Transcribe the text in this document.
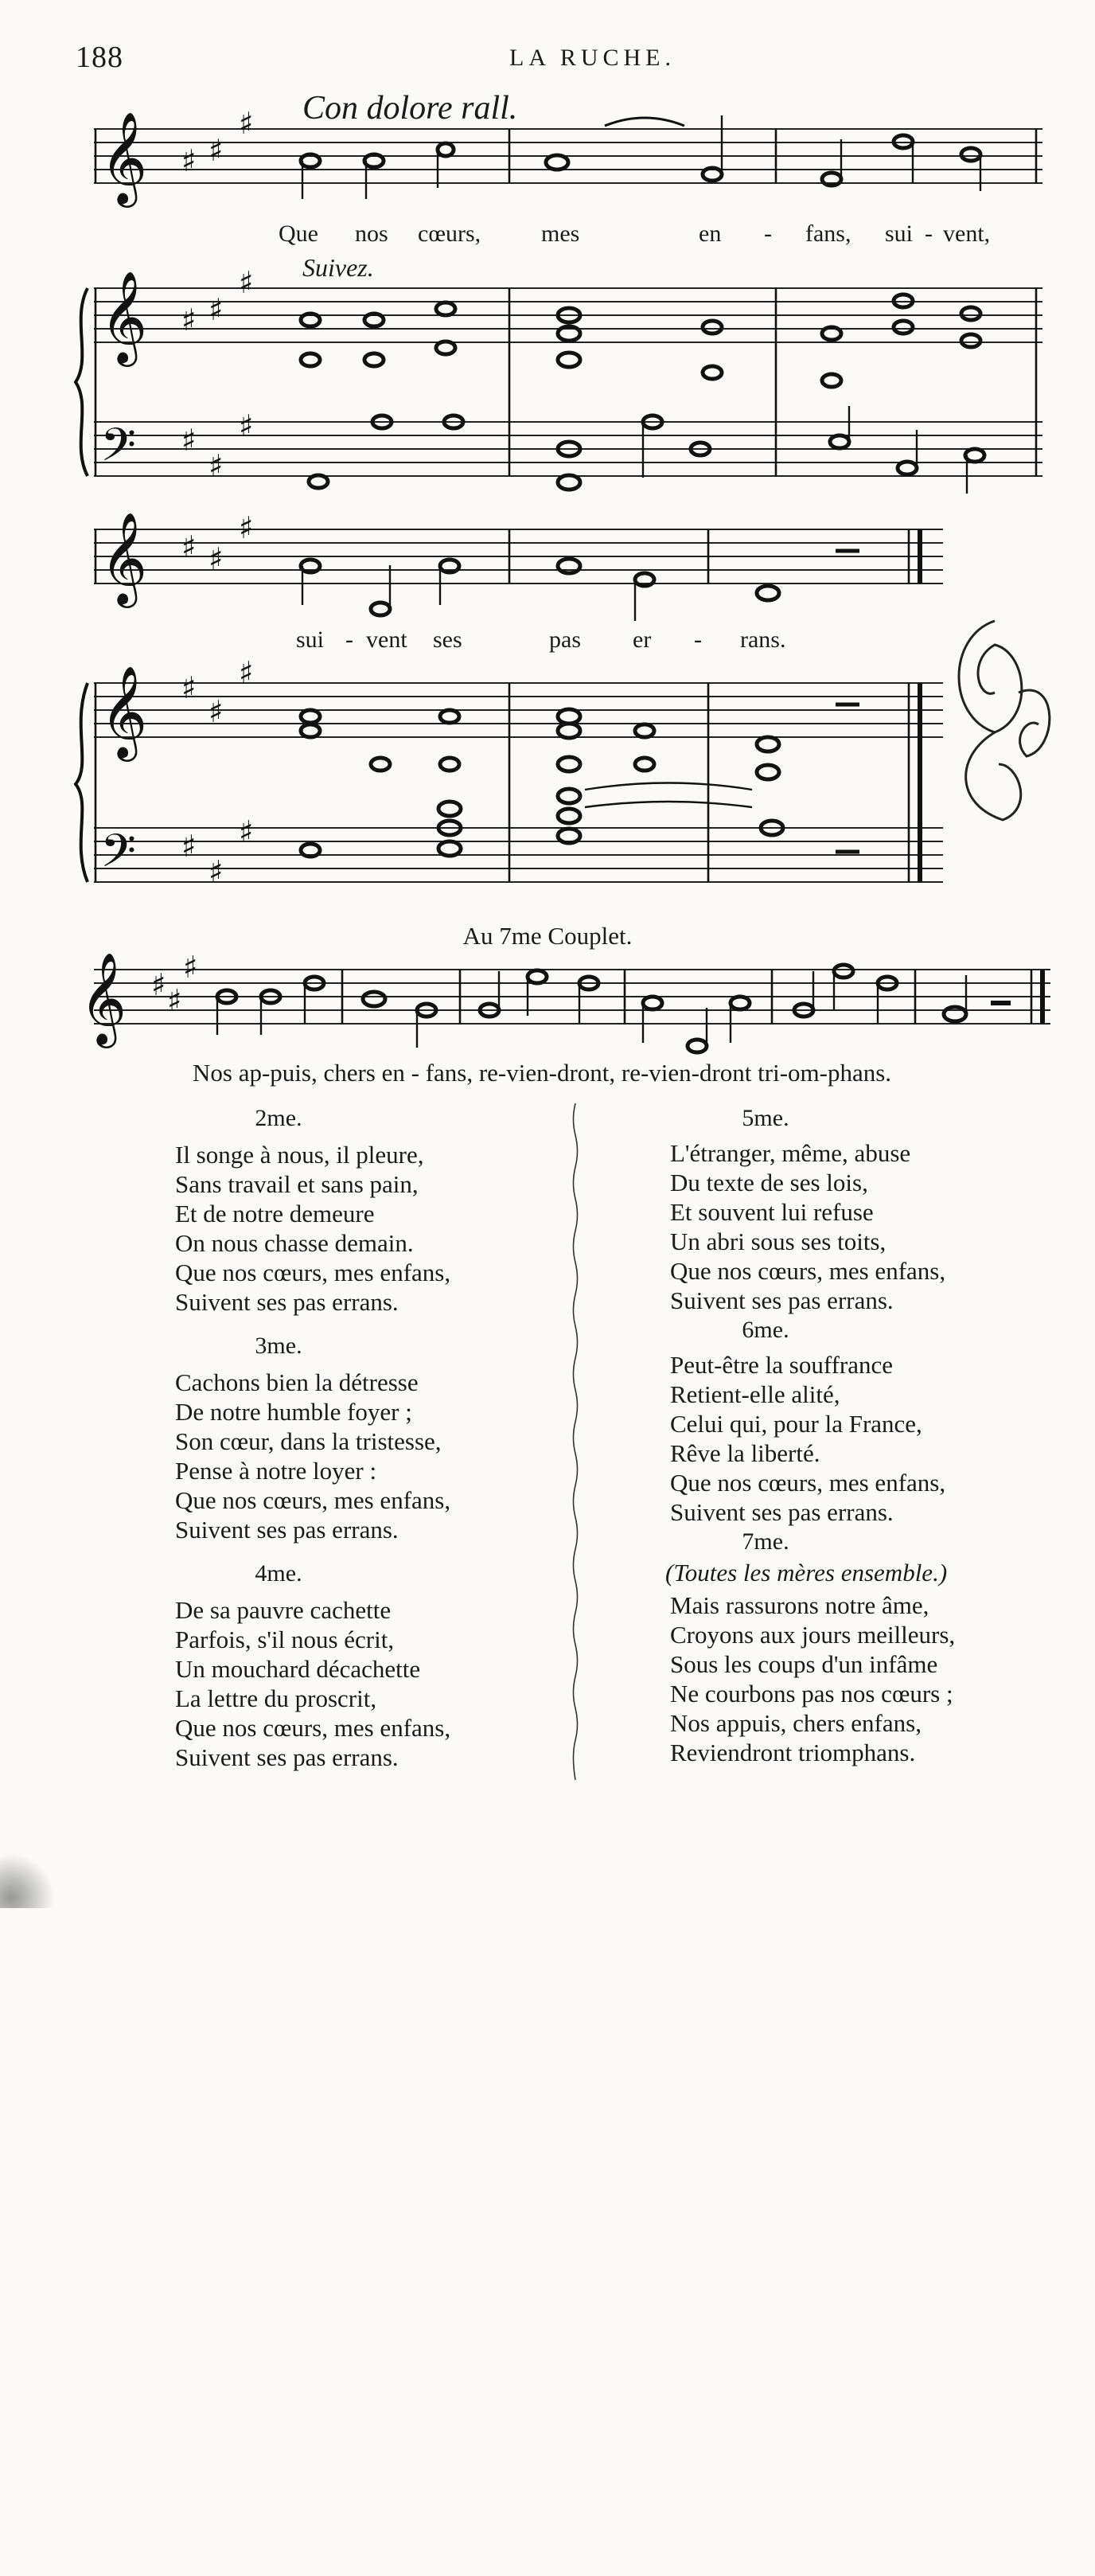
188	LA RUCHE.
𝄞
𝄞
𝄢
♯ ♯
♯
♯ ♯
♯
♯
♯
♯
𝄞
𝄞
𝄢
♯ ♯
♯
♯
♯
♯
♯
♯
♯
𝄞 ♯ ♯
♯
Con dolore rall.
Suivez.
Que nos cœurs,	mes	en - fans, sui - vent,
sui - vent ses	pas er - rans.
Au 7me Couplet.
Nos ap-puis, chers en - fans, re-vien-dront, re-vien-dront tri-om-phans.
2me.
Il songe à nous, il pleure,
Sans travail et sans pain,
Et de notre demeure
On nous chasse demain.
Que nos cœurs, mes enfans,
Suivent ses pas errans.
3me.
Cachons bien la détresse
De notre humble foyer ;
Son cœur, dans la tristesse,
Pense à notre loyer :
Que nos cœurs, mes enfans,
Suivent ses pas errans.
4me.
De sa pauvre cachette
Parfois, s'il nous écrit,
Un mouchard décachette
La lettre du proscrit,
Que nos cœurs, mes enfans,
Suivent ses pas errans.
5me.
L'étranger, même, abuse
Du texte de ses lois,
Et souvent lui refuse
Un abri sous ses toits,
Que nos cœurs, mes enfans,
Suivent ses pas errans.
6me.
Peut-être la souffrance
Retient-elle alité,
Celui qui, pour la France,
Rêve la liberté.
Que nos cœurs, mes enfans,
Suivent ses pas errans.
7me.
(Toutes les mères ensemble.)
Mais rassurons notre âme,
Croyons aux jours meilleurs,
Sous les coups d'un infâme
Ne courbons pas nos cœurs ;
Nos appuis, chers enfans,
Reviendront triomphans.
